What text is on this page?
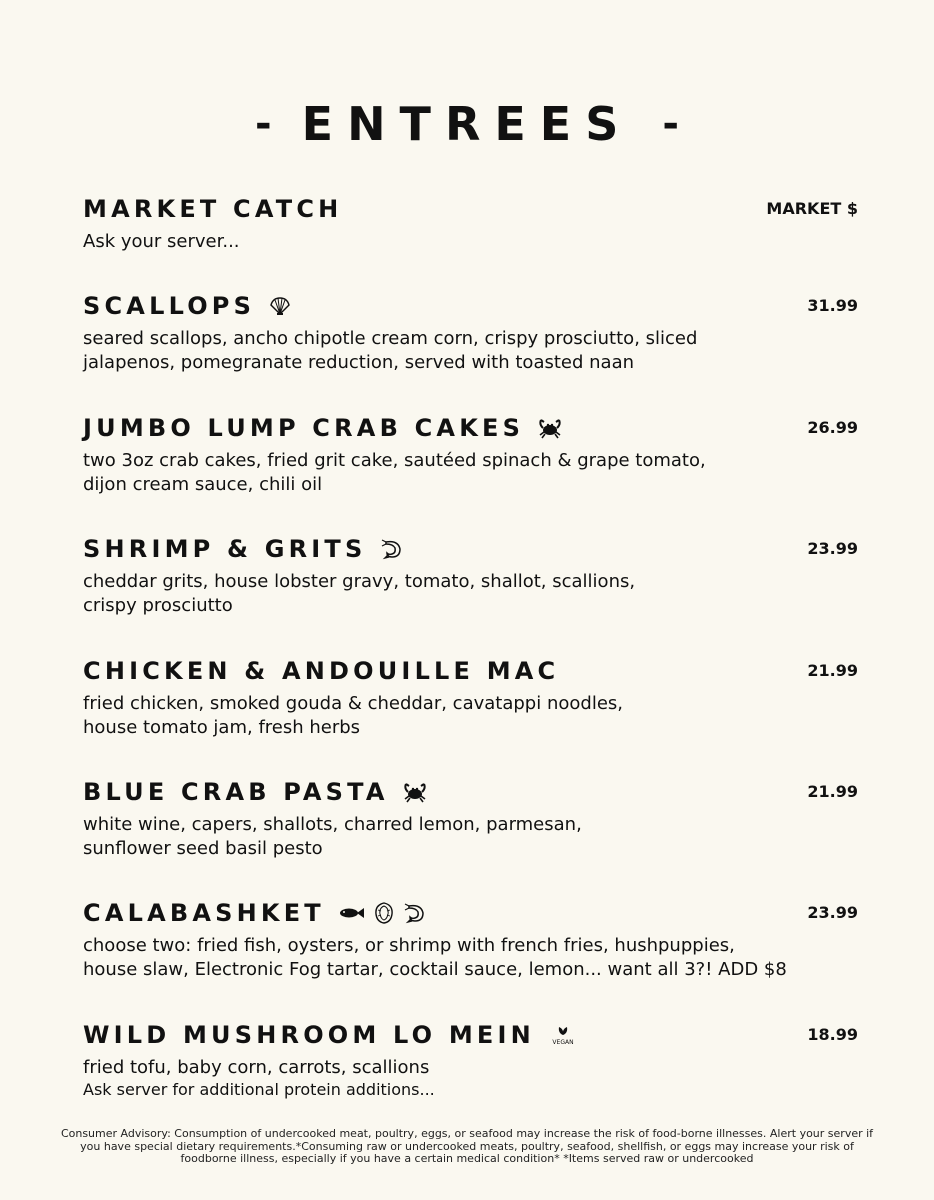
- ENTREES -
MARKET CATCH	MARKET $
Ask your server...
SCALLOPS	31.99
seared scallops, ancho chipotle cream corn, crispy prosciutto, sliced
jalapenos, pomegranate reduction, served with toasted naan
JUMBO LUMP CRAB CAKES	26.99
two 3oz crab cakes, fried grit cake, sautéed spinach & grape tomato,
dijon cream sauce, chili oil
SHRIMP & GRITS	23.99
cheddar grits, house lobster gravy, tomato, shallot, scallions,
crispy prosciutto
CHICKEN & ANDOUILLE MAC	21.99
fried chicken, smoked gouda & cheddar, cavatappi noodles,
house tomato jam, fresh herbs
BLUE CRAB PASTA	21.99
white wine, capers, shallots, charred lemon, parmesan,
sunflower seed basil pesto
CALABASHKET	23.99
choose two: fried fish, oysters, or shrimp with french fries, hushpuppies,
house slaw, Electronic Fog tartar, cocktail sauce, lemon... want all 3?! ADD $8
WILD MUSHROOM LO MEIN	VEGAN	18.99
fried tofu, baby corn, carrots, scallions
Ask server for additional protein additions...
Consumer Advisory: Consumption of undercooked meat, poultry, eggs, or seafood may increase the risk of food-borne illnesses. Alert your server if you have special dietary requirements.*Consuming raw or undercooked meats, poultry, seafood, shellfish, or eggs may increase your risk of foodborne illness, especially if you have a certain medical condition* *Items served raw or undercooked
